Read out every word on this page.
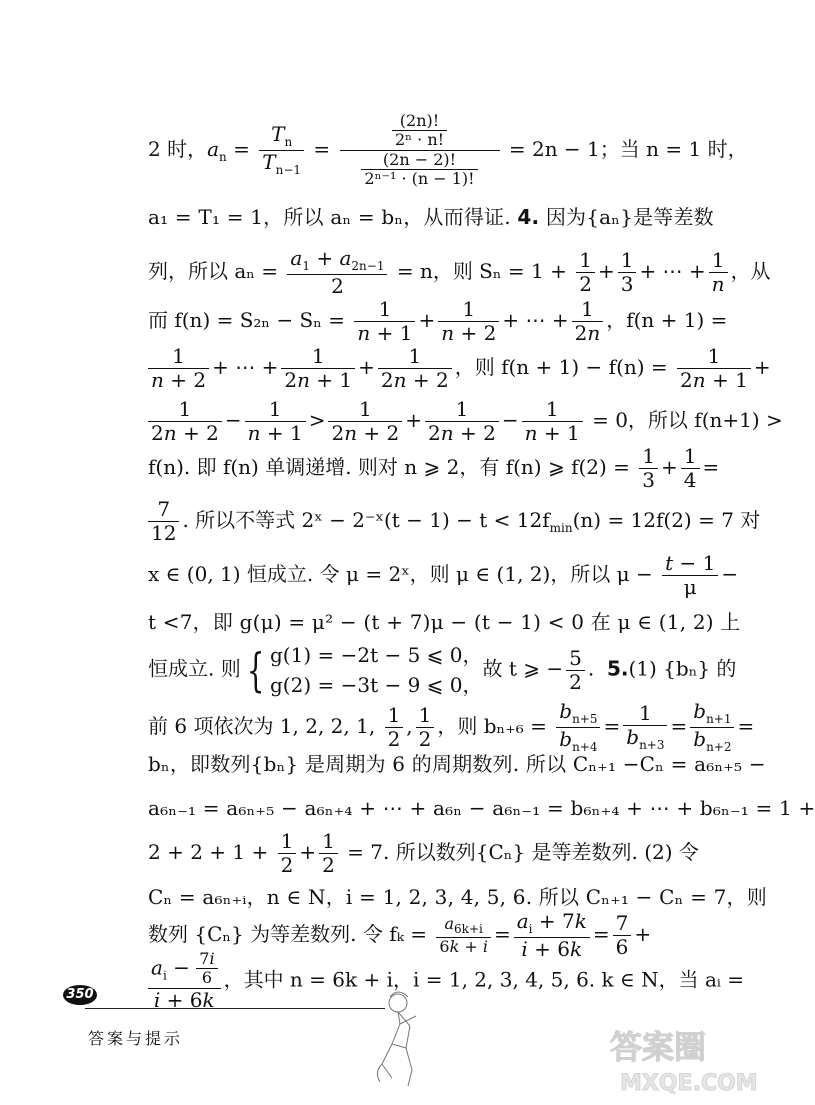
2 时，$a_n = \frac{T_n}{T_{n-1}} = \frac{\frac{(2n)!}{\text{2ⁿ · n!}}}{\frac{(2n - 2)!}{\text{2ⁿ⁻¹ · (n − 1)!}}} = 2n - 1$；当 n = 1 时，
a₁ = T₁ = 1，所以 aₙ = bₙ，从而得证. 4. 因为{aₙ}是等差数
列，所以 $a_n = \frac{a_1 + a_{2n-1}}{2} = n$，则 $S_n = 1 + \frac{1}{2} + \frac{1}{3}$ + ⋯ + $\frac{1}{n}$ ，从
而 $f(n) = S_{2n} - S_n = \frac{1}{n + 1} + \frac{1}{n + 2}$ + ⋯ + $\frac{1}{2n}$ ，f(n + 1) =
$\frac{1}{n + 2}$ + ⋯ + $\frac{1}{2n + 1} + \frac{1}{2n + 2}$ ，则 $f(n + 1) - f(n) = \frac{1}{2n + 1}$ +
$\frac{1}{2n + 2} - \frac{1}{n + 1} > \frac{1}{2n + 2} + \frac{1}{2n + 2} - \frac{1}{n + 1} = 0$，所以 f(n+1) >
f(n). 即 f(n) 单调递增. 则对 n ⩾ 2，有 f(n) ⩾ $f(2) = \frac{1}{3} + \frac{1}{4}$ =
$\frac{7}{12}$ . 所以不等式 2ˣ − 2⁻ˣ(t − $1) - t < 12f_{min}(n) = 12f(2) = 7$ 对
x ∈ (0, 1) 恒成立. 令 μ = 2ˣ，则 μ ∈ (1, 2)，所以 $\mu - \frac{t - 1}{\mu}$ −
t <7，即 g(μ) = μ² − (t + 7)μ − (t − 1) < 0 在 μ ∈ (1, 2) 上
恒成立. 则 { g(1) = −2t − 5 ⩽ 0，
g(2) = −3t − 9 ⩽ 0，
故 t ⩾ − $\frac{5}{2}$ .  5.(1) {bₙ} 的
前 6 项依次为 1, 2, 2, 1, $\frac{1}{2}$ , $\frac{1}{2}$ ，则 $b_{n+6} = \frac{b_{n+5}}{b_{n+4}} = \frac{1}{b_{n+3}} = \frac{b_{n+1}}{b_{n+2}}$ =
bₙ，即数列{bₙ} 是周期为 6 的周期数列. 所以 Cₙ₊₁ −Cₙ = a₆ₙ₊₅ −
a₆ₙ₋₁ = a₆ₙ₊₅ − a₆ₙ₊₄ + ⋯ + a₆ₙ − a₆ₙ₋₁ = b₆ₙ₊₄ + ⋯ + b₆ₙ₋₁ = 1 +
$2 + 2 + 1 + \frac{1}{2} + \frac{1}{2} = 7$. 所以数列{Cₙ} 是等差数列. (2) 令
Cₙ = a₆ₙ₊ᵢ，n ∈ N，i = 1, 2, 3, 4, 5, 6. 所以 Cₙ₊₁ − Cₙ = 7，则
数列 {Cₙ} 为等差数列. 令 $f_k = \frac{a_{6k+i}}{6k + i} = \frac{a_i + 7k}{i + 6k} = \frac{7}{6}$ +
$\frac{a_i - \frac{7i}{6}}{i + 6k}$ ，其中 n = 6k + i，i = 1, 2, 3, 4, 5, 6. k ∈ N，当 aᵢ =
350
答案与提示	答案圈
MXQE.COM
